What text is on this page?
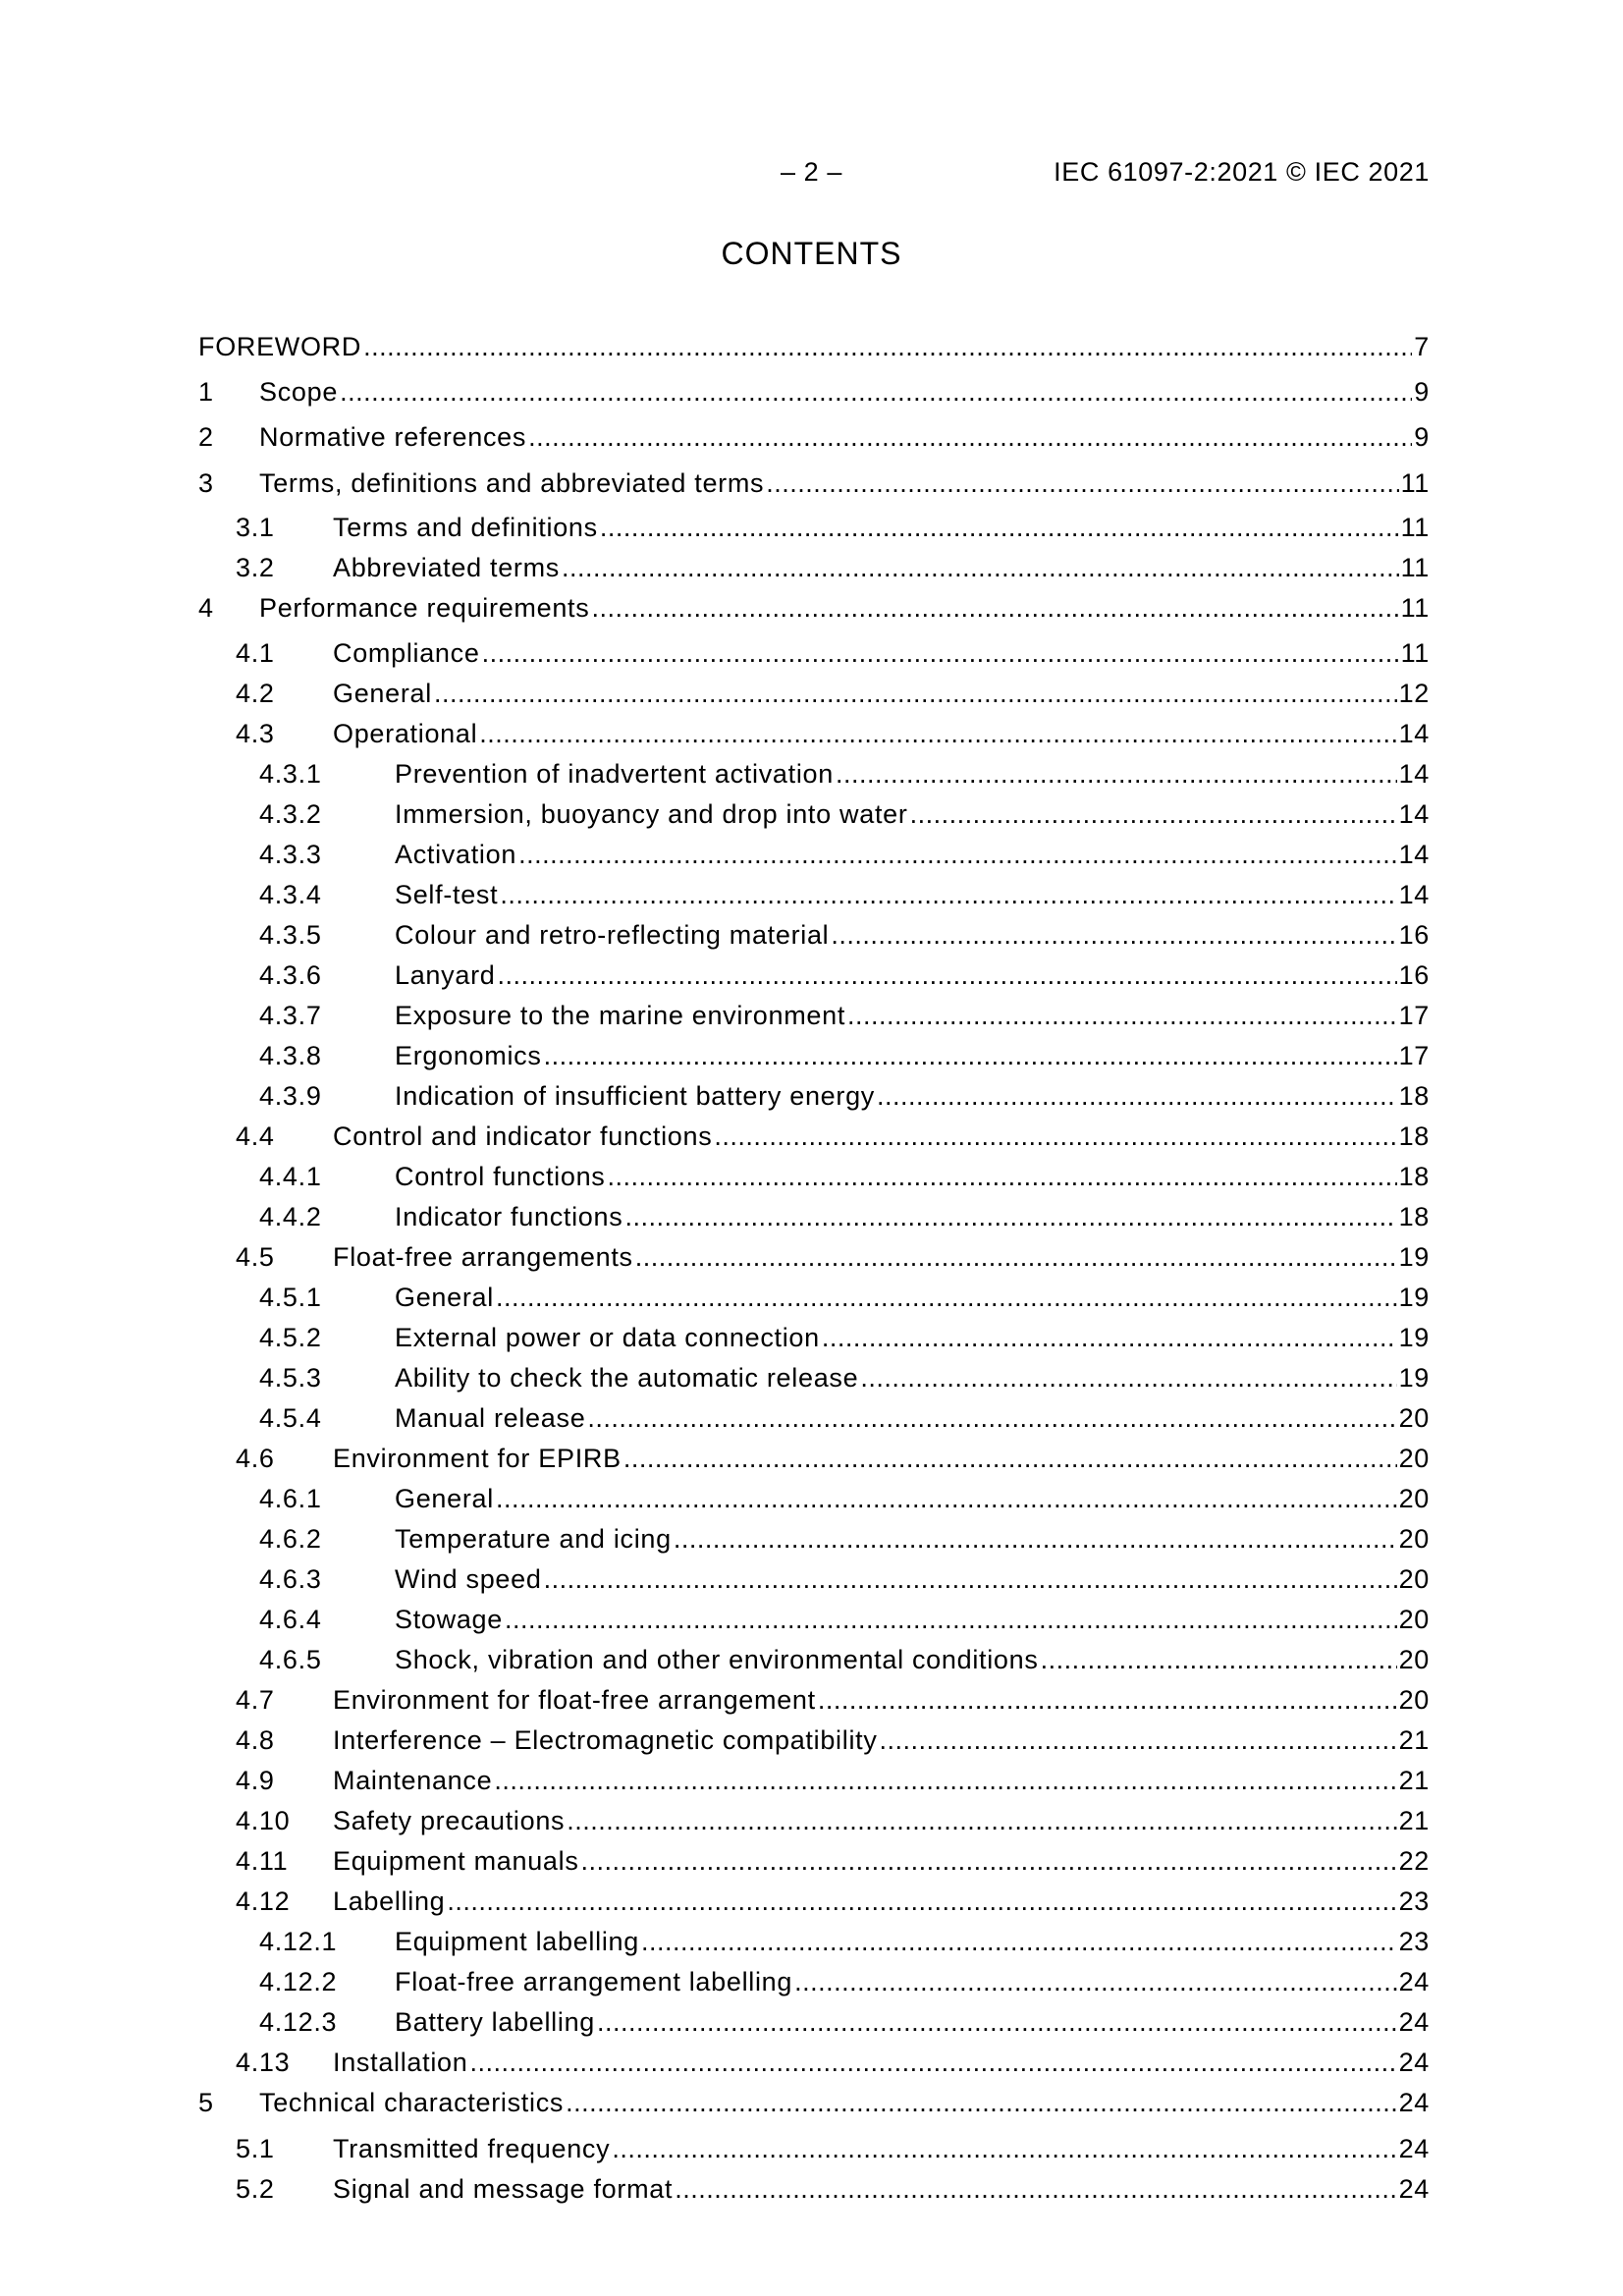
– 2 –	IEC 61097-2:2021 © IEC 2021
CONTENTS
FOREWORD .....	7
1 Scope .....	9
2 Normative references .....	9
3 Terms, definitions and abbreviated terms .....	11
3.1 Terms and definitions .....	11
3.2 Abbreviated terms .....	11
4 Performance requirements .....	11
4.1 Compliance .....	11
4.2 General .....	12
4.3 Operational .....	14
4.3.1	Prevention of inadvertent activation .....	14
4.3.2	Immersion, buoyancy and drop into water .....	14
4.3.3	Activation .....	14
4.3.4	Self-test .....	14
4.3.5	Colour and retro-reflecting material .....	16
4.3.6	Lanyard .....	16
4.3.7	Exposure to the marine environment .....	17
4.3.8	Ergonomics .....	17
4.3.9	Indication of insufficient battery energy .....	18
4.4 Control and indicator functions .....	18
4.4.1	Control functions .....	18
4.4.2	Indicator functions .....	18
4.5 Float-free arrangements .....	19
4.5.1	General .....	19
4.5.2	External power or data connection .....	19
4.5.3	Ability to check the automatic release .....	19
4.5.4	Manual release .....	20
4.6 Environment for EPIRB .....	20
4.6.1	General .....	20
4.6.2	Temperature and icing .....	20
4.6.3	Wind speed .....	20
4.6.4	Stowage .....	20
4.6.5	Shock, vibration and other environmental conditions .....	20
4.7 Environment for float-free arrangement .....	20
4.8 Interference – Electromagnetic compatibility .....	21
4.9 Maintenance .....	21
4.10 Safety precautions .....	21
4.11 Equipment manuals .....	22
4.12 Labelling .....	23
4.12.1 Equipment labelling .....	23
4.12.2 Float-free arrangement labelling .....	24
4.12.3 Battery labelling .....	24
4.13 Installation .....	24
5 Technical characteristics .....	24
5.1 Transmitted frequency .....	24
5.2 Signal and message format .....	24
